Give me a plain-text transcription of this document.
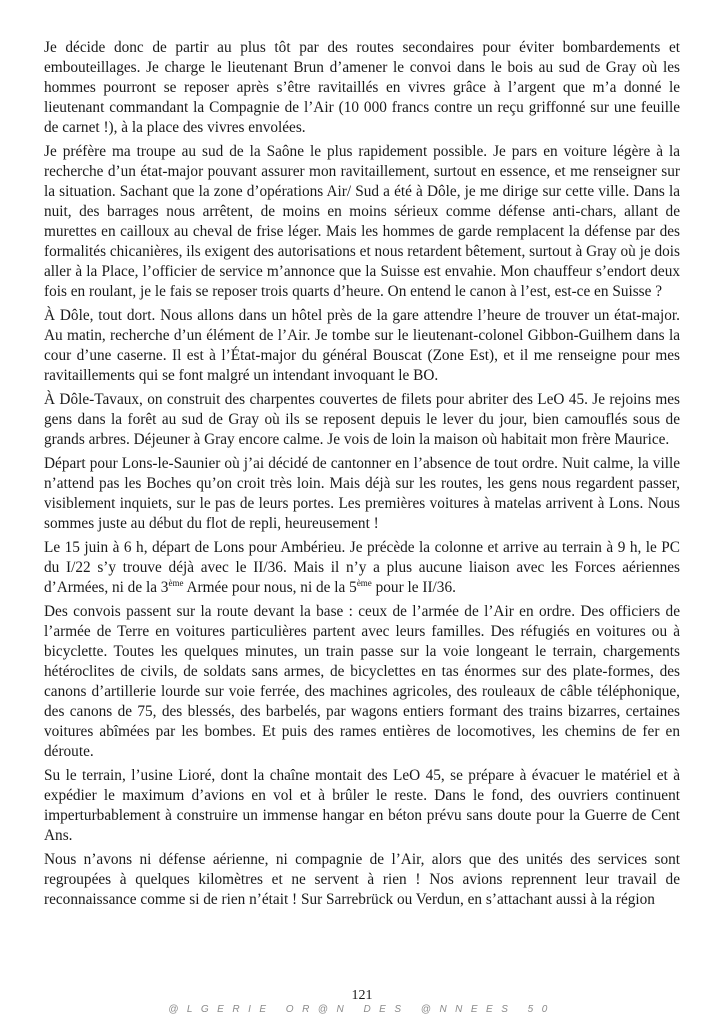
Je décide donc de partir au plus tôt par des routes secondaires pour éviter bombardements et embouteillages. Je charge le lieutenant Brun d’amener le convoi dans le bois au sud de Gray où les hommes pourront se reposer après s’être ravitaillés en vivres grâce à l’argent que m’a donné le lieutenant commandant la Compagnie de l’Air (10 000 francs contre un reçu griffonné sur une feuille de carnet !), à la place des vivres envolées.

Je préfère ma troupe au sud de la Saône le plus rapidement possible. Je pars en voiture légère à la recherche d’un état-major pouvant assurer mon ravitaillement, surtout en essence, et me renseigner sur la situation. Sachant que la zone d’opérations Air/ Sud a été à Dôle, je me dirige sur cette ville. Dans la nuit, des barrages nous arrêtent, de moins en moins sérieux comme défense anti-chars, allant de murettes en cailloux au cheval de frise léger. Mais les hommes de garde remplacent la défense par des formalités chicanières, ils exigent des autorisations et nous retardent bêtement, surtout à Gray où je dois aller à la Place, l’officier de service m’annonce que la Suisse est envahie. Mon chauffeur s’endort deux fois en roulant, je le fais se reposer trois quarts d’heure. On entend le canon à l’est, est-ce en Suisse ?

À Dôle, tout dort. Nous allons dans un hôtel près de la gare attendre l’heure de trouver un état-major. Au matin, recherche d’un élément de l’Air. Je tombe sur le lieutenant-colonel Gibbon-Guilhem dans la cour d’une caserne. Il est à l’État-major du général Bouscat (Zone Est), et il me renseigne pour mes ravitaillements qui se font malgré un intendant invoquant le BO.

À Dôle-Tavaux, on construit des charpentes couvertes de filets pour abriter des LeO 45. Je rejoins mes gens dans la forêt au sud de Gray où ils se reposent depuis le lever du jour, bien camouflés sous de grands arbres. Déjeuner à Gray encore calme. Je vois de loin la maison où habitait mon frère Maurice.

Départ pour Lons-le-Saunier où j’ai décidé de cantonner en l’absence de tout ordre. Nuit calme, la ville n’attend pas les Boches qu’on croit très loin. Mais déjà sur les routes, les gens nous regardent passer, visiblement inquiets, sur le pas de leurs portes. Les premières voitures à matelas arrivent à Lons. Nous sommes juste au début du flot de repli, heureusement !

Le 15 juin à 6 h, départ de Lons pour Ambérieu. Je précède la colonne et arrive au terrain à 9 h, le PC du I/22 s’y trouve déjà avec le II/36. Mais il n’y a plus aucune liaison avec les Forces aériennes d’Armées, ni de la 3ème Armée pour nous, ni de la 5ème pour le II/36.

Des convois passent sur la route devant la base : ceux de l’armée de l’Air en ordre. Des officiers de l’armée de Terre en voitures particulières partent avec leurs familles. Des réfugiés en voitures ou à bicyclette. Toutes les quelques minutes, un train passe sur la voie longeant le terrain, chargements hétéroclites de civils, de soldats sans armes, de bicyclettes en tas énormes sur des plate-formes, des canons d’artillerie lourde sur voie ferrée, des machines agricoles, des rouleaux de câble téléphonique, des canons de 75, des blessés, des barbelés, par wagons entiers formant des trains bizarres, certaines voitures abîmées par les bombes. Et puis des rames entières de locomotives, les chemins de fer en déroute.

Su le terrain, l’usine Lioré, dont la chaîne montait des LeO 45, se prépare à évacuer le matériel et à expédier le maximum d’avions en vol et à brûler le reste. Dans le fond, des ouvriers continuent imperturbablement à construire un immense hangar en béton prévu sans doute pour la Guerre de Cent Ans.

Nous n’avons ni défense aérienne, ni compagnie de l’Air, alors que des unités des services sont regroupées à quelques kilomètres et ne servent à rien ! Nos avions reprennent leur travail de reconnaissance comme si de rien n’était ! Sur Sarrebrück ou Verdun, en s’attachant aussi à la région

121
@LGERIE OR@N DES @NNEES 50
